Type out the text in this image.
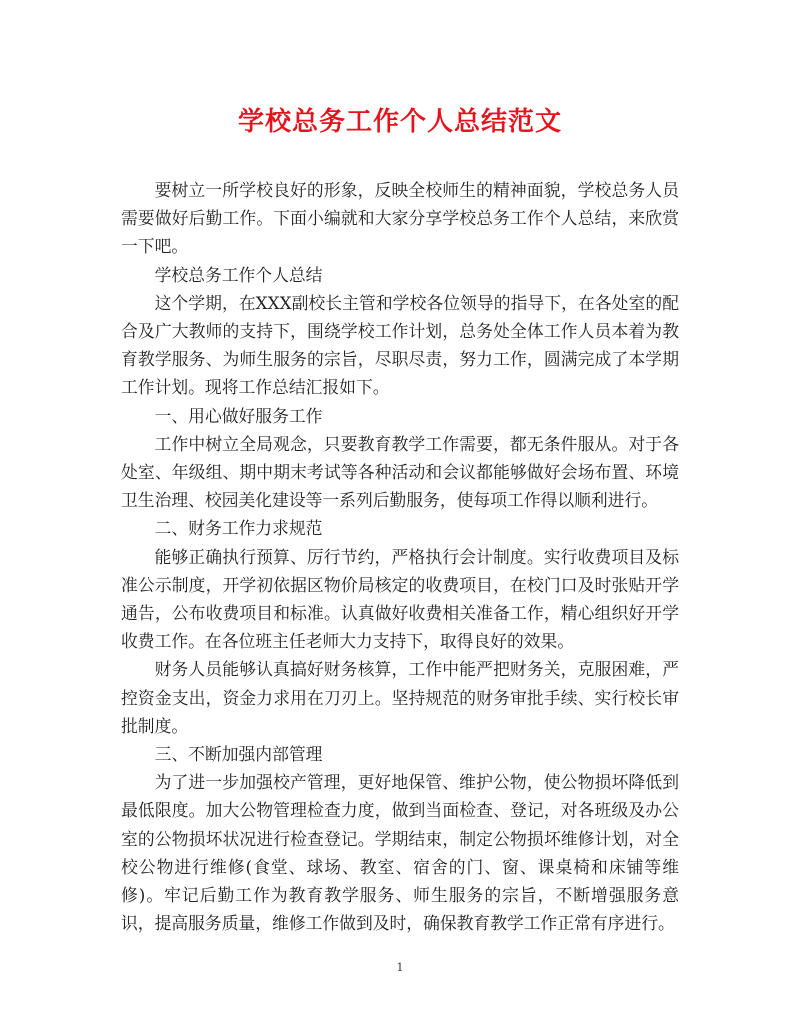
学校总务工作个人总结范文

要树立一所学校良好的形象，反映全校师生的精神面貌，学校总务人员需要做好后勤工作。下面小编就和大家分享学校总务工作个人总结，来欣赏一下吧。

学校总务工作个人总结

这个学期，在XXX副校长主管和学校各位领导的指导下，在各处室的配合及广大教师的支持下，围绕学校工作计划，总务处全体工作人员本着为教育教学服务、为师生服务的宗旨，尽职尽责，努力工作，圆满完成了本学期工作计划。现将工作总结汇报如下。

一、用心做好服务工作

工作中树立全局观念，只要教育教学工作需要，都无条件服从。对于各处室、年级组、期中期末考试等各种活动和会议都能够做好会场布置、环境卫生治理、校园美化建设等一系列后勤服务，使每项工作得以顺利进行。

二、财务工作力求规范

能够正确执行预算、厉行节约，严格执行会计制度。实行收费项目及标准公示制度，开学初依据区物价局核定的收费项目，在校门口及时张贴开学通告，公布收费项目和标准。认真做好收费相关准备工作，精心组织好开学收费工作。在各位班主任老师大力支持下，取得良好的效果。

财务人员能够认真搞好财务核算，工作中能严把财务关，克服困难，严控资金支出，资金力求用在刀刃上。坚持规范的财务审批手续、实行校长审批制度。

三、不断加强内部管理

为了进一步加强校产管理，更好地保管、维护公物，使公物损坏降低到最低限度。加大公物管理检查力度，做到当面检查、登记，对各班级及办公室的公物损坏状况进行检查登记。学期结束，制定公物损坏维修计划，对全校公物进行维修(食堂、球场、教室、宿舍的门、窗、课桌椅和床铺等维修)。牢记后勤工作为教育教学服务、师生服务的宗旨，不断增强服务意识，提高服务质量，维修工作做到及时，确保教育教学工作正常有序进行。

1
